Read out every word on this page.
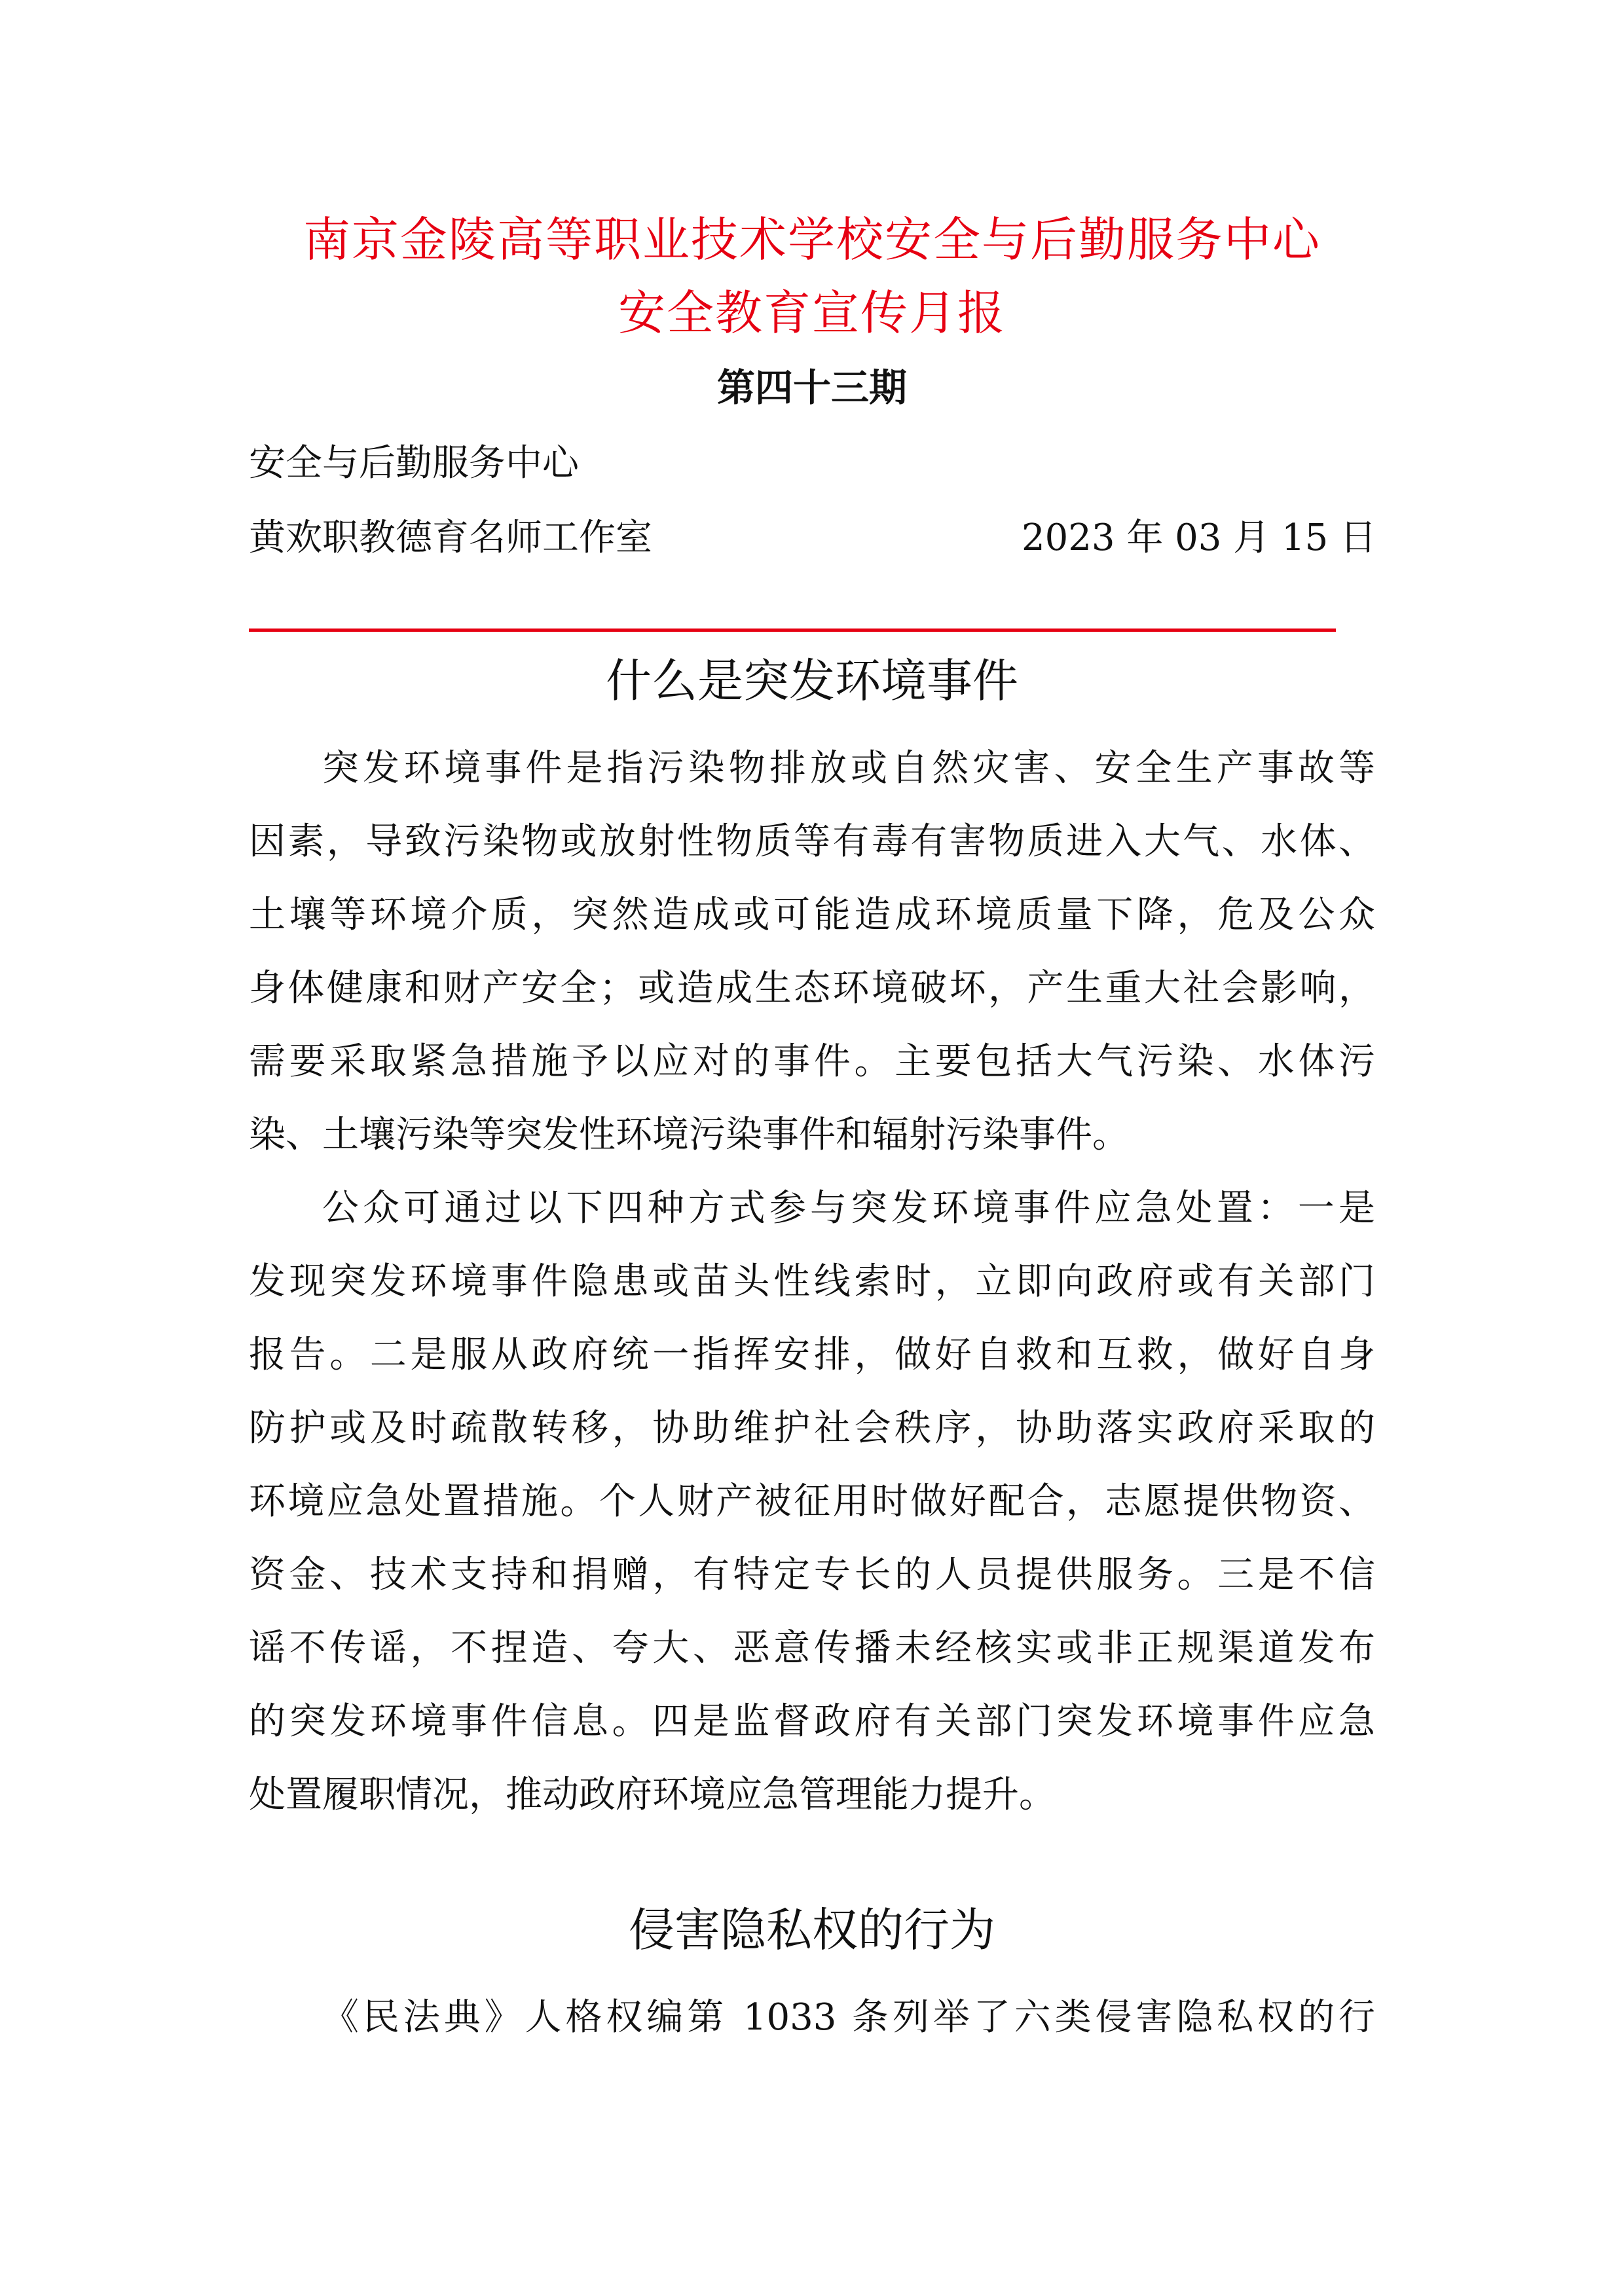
南京金陵高等职业技术学校安全与后勤服务中心
安全教育宣传月报
第四十三期
安全与后勤服务中心
黄欢职教德育名师工作室	2023 年 03 月 15 日
什么是突发环境事件
突发环境事件是指污染物排放或自然灾害、安全生产事故等
因素，导致污染物或放射性物质等有毒有害物质进入大气、水体、
土壤等环境介质，突然造成或可能造成环境质量下降，危及公众
身体健康和财产安全；或造成生态环境破坏，产生重大社会影响，
需要采取紧急措施予以应对的事件。主要包括大气污染、水体污
染、土壤污染等突发性环境污染事件和辐射污染事件。
公众可通过以下四种方式参与突发环境事件应急处置：一是
发现突发环境事件隐患或苗头性线索时，立即向政府或有关部门
报告。二是服从政府统一指挥安排，做好自救和互救，做好自身
防护或及时疏散转移，协助维护社会秩序，协助落实政府采取的
环境应急处置措施。个人财产被征用时做好配合，志愿提供物资、
资金、技术支持和捐赠，有特定专长的人员提供服务。三是不信
谣不传谣，不捏造、夸大、恶意传播未经核实或非正规渠道发布
的突发环境事件信息。四是监督政府有关部门突发环境事件应急
处置履职情况，推动政府环境应急管理能力提升。
侵害隐私权的行为
《民法典》人格权编第 1033 条列举了六类侵害隐私权的行
